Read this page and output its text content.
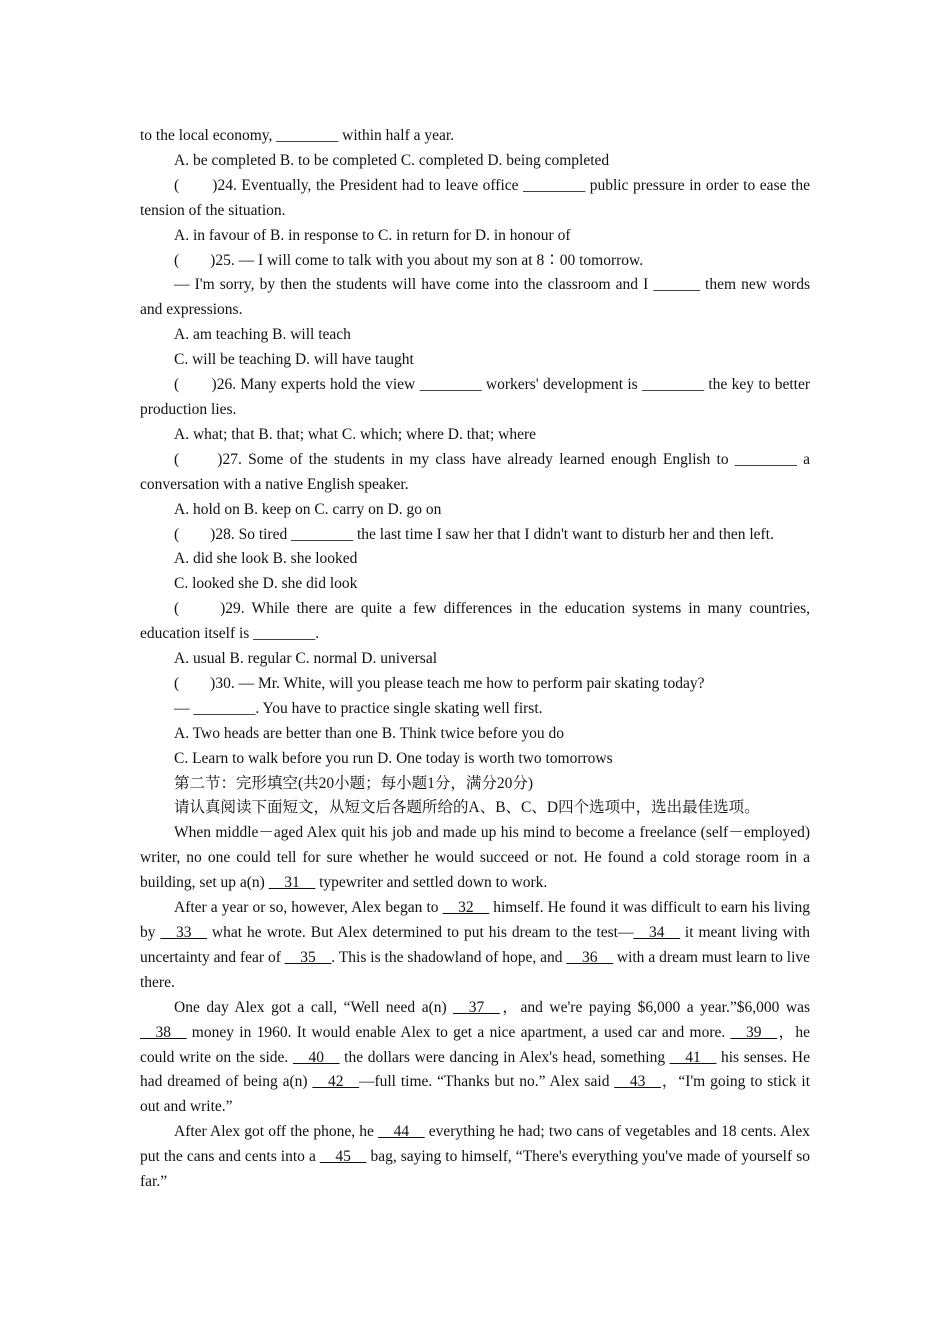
to the local economy, ________ within half a year.

A. be completed B. to be completed C. completed D. being completed

(　　)24. Eventually, the President had to leave office ________ public pressure in order to ease the tension of the situation.

A. in favour of B. in response to C. in return for D. in honour of

(　　)25. — I will come to talk with you about my son at 8∶00 tomorrow.

— I'm sorry, by then the students will have come into the classroom and I ______ them new words and expressions.

A. am teaching B. will teach

C. will be teaching D. will have taught

(　　)26. Many experts hold the view ________ workers' development is ________ the key to better production lies.

A. what; that B. that; what C. which; where D. that; where

(　　)27. Some of the students in my class have already learned enough English to ________ a conversation with a native English speaker.

A. hold on B. keep on C. carry on D. go on

(　　)28. So tired ________ the last time I saw her that I didn't want to disturb her and then left.

A. did she look B. she looked

C. looked she D. she did look

(　　)29. While there are quite a few differences in the education systems in many countries, education itself is ________.

A. usual B. regular C. normal D. universal

(　　)30. — Mr. White, will you please teach me how to perform pair skating today?

— ________. You have to practice single skating well first.

A. Two heads are better than one B. Think twice before you do

C. Learn to walk before you run D. One today is worth two tomorrows

第二节：完形填空(共20小题；每小题1分，满分20分)

请认真阅读下面短文，从短文后各题所给的A、B、C、D四个选项中，选出最佳选项。

When middle－aged Alex quit his job and made up his mind to become a freelance (self－employed) writer, no one could tell for sure whether he would succeed or not. He found a cold storage room in a building, set up a(n) __31__ typewriter and settled down to work.

After a year or so, however, Alex began to __32__ himself. He found it was difficult to earn his living by __33__ what he wrote. But Alex determined to put his dream to the test—__34__ it meant living with uncertainty and fear of __35__. This is the shadowland of hope, and __36__ with a dream must learn to live there.

One day Alex got a call, “Well need a(n) __37__，and we're paying $6,000 a year.”$6,000 was __38__ money in 1960. It would enable Alex to get a nice apartment, a used car and more. __39__，he could write on the side. __40__ the dollars were dancing in Alex's head, something __41__ his senses. He had dreamed of being a(n) __42__—full time. “Thanks but no.” Alex said __43__，“I'm going to stick it out and write.”

After Alex got off the phone, he __44__ everything he had; two cans of vegetables and 18 cents. Alex put the cans and cents into a __45__ bag, saying to himself, “There's everything you've made of yourself so far.”
